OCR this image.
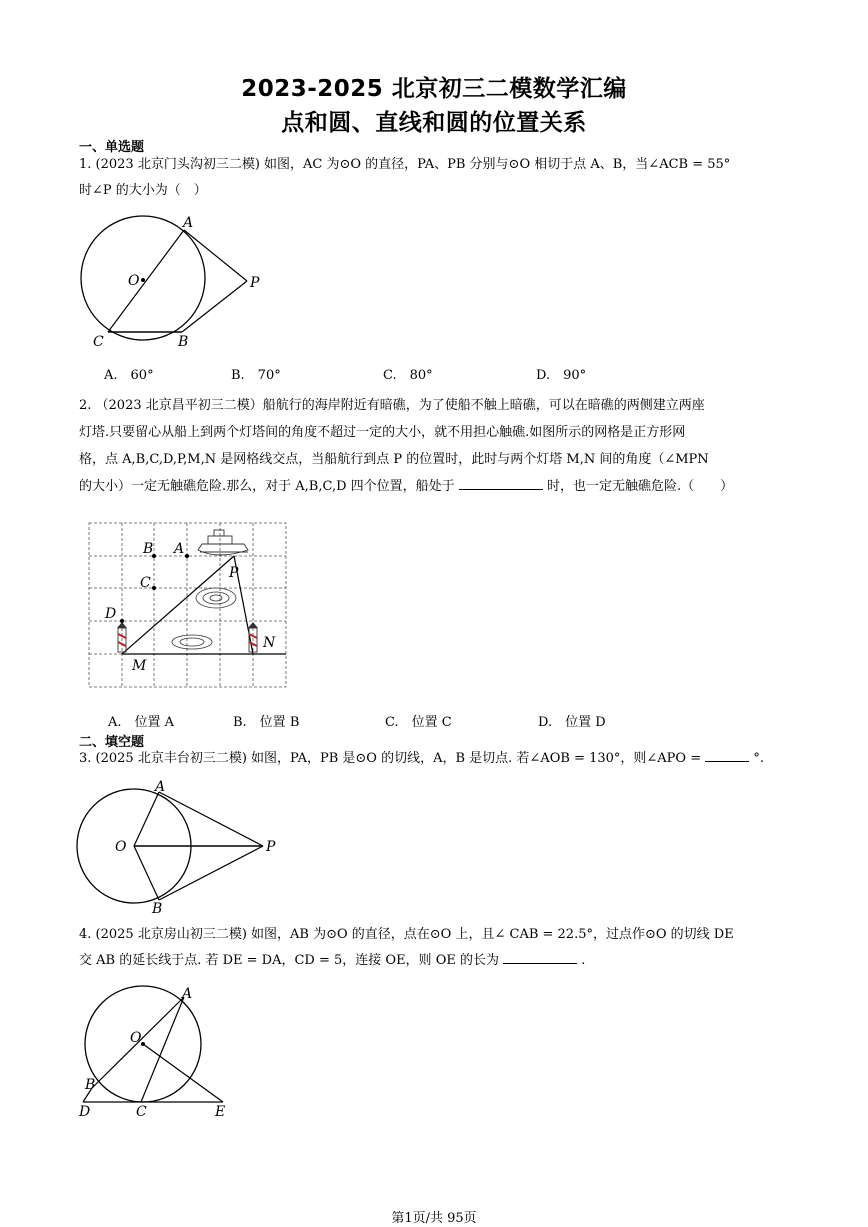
2023-2025 北京初三二模数学汇编
点和圆、直线和圆的位置关系
一、单选题
1. (2023 北京门头沟初三二模) 如图，AC 为⊙O 的直径，PA、PB 分别与⊙O 相切于点 A、B，当∠ACB = 55°
时∠P 的大小为（　）
A
O	P
C	B
A.　60°	B.　70°	C.　80°	D.　90°
2. （2023 北京昌平初三二模）船航行的海岸附近有暗礁，为了使船不触上暗礁，可以在暗礁的两侧建立两座
灯塔.只要留心从船上到两个灯塔间的角度不超过一定的大小，就不用担心触礁.如图所示的网格是正方形网
格，点 A,B,C,D,P,M,N 是网格线交点，当船航行到点 P 的位置时，此时与两个灯塔 M,N 间的角度（∠MPN
的大小）一定无触礁危险.那么，对于 A,B,C,D 四个位置，船处于	时，也一定无触礁危险.（　　）
B A
P
C
D
M
N
A.　位置 A	B.　位置 B	C.　位置 C	D.　位置 D
二、填空题
3. (2025 北京丰台初三二模) 如图，PA，PB 是⊙O 的切线，A，B 是切点. 若∠AOB = 130°，则∠APO =	°.
A
O	P
B
4. (2025 北京房山初三二模) 如图，AB 为⊙O 的直径，点在⊙O 上，且∠ CAB = 22.5°，过点作⊙O 的切线 DE
交 AB 的延长线于点. 若 DE = DA，CD = 5，连接 OE，则 OE 的长为	.
A
O
B
D	C	E
第1页/共 95页
